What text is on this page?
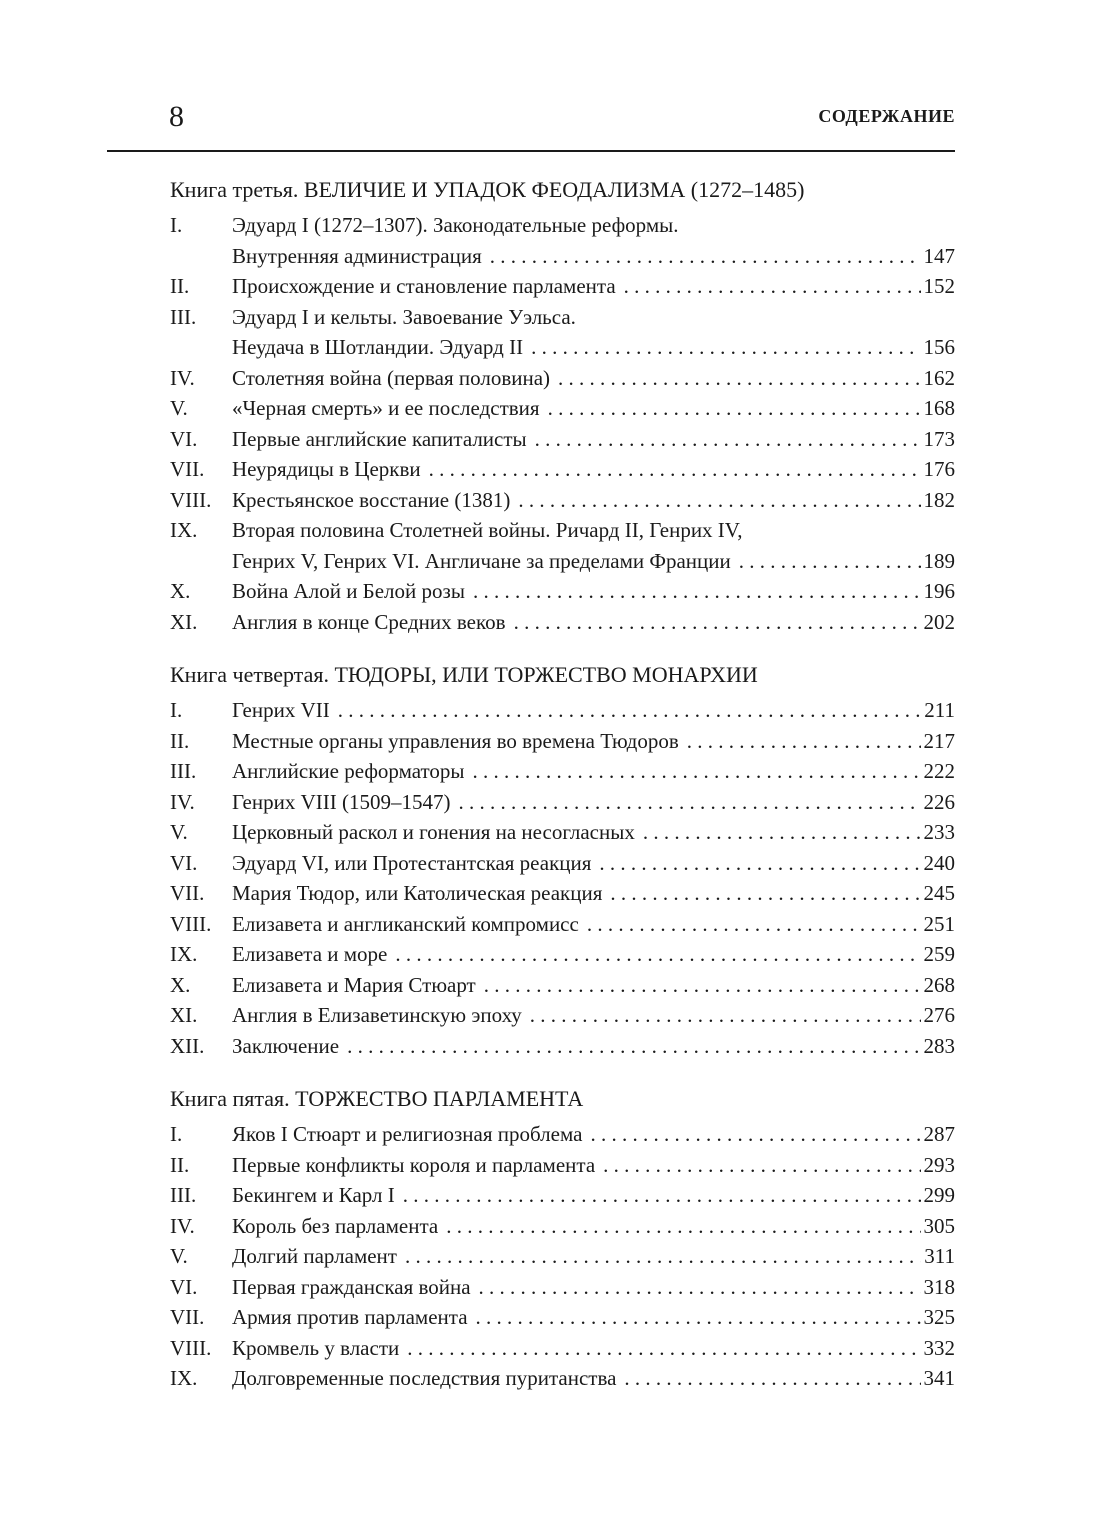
8	СОДЕРЖАНИЕ
Книга третья. ВЕЛИЧИЕ И УПАДОК ФЕОДАЛИЗМА (1272–1485)
I.	Эдуард I (1272–1307). Законодательные реформы.
Внутренняя администрация . . .	147
II.	Происхождение и становление парламента . . .	152
III.	Эдуард I и кельты. Завоевание Уэльса.
Неудача в Шотландии. Эдуард II . . .	156
IV.	Столетняя война (первая половина) . . .	162
V.	«Черная смерть» и ее последствия . . .	168
VI.	Первые английские капиталисты . . .	173
VII.	Неурядицы в Церкви . . .	176
VIII. Крестьянское восстание (1381) . . .	182
IX.	Вторая половина Столетней войны. Ричард II, Генрих IV,
Генрих V, Генрих VI. Англичане за пределами Франции . . .	189
X.	Война Алой и Белой розы . . .	196
XI.	Англия в конце Средних веков . . .	202
Книга четвертая. ТЮДОРЫ, ИЛИ ТОРЖЕСТВО МОНАРХИИ
I.	Генрих VII . . .	211
II.	Местные органы управления во времена Тюдоров . . .	217
III.	Английские реформаторы . . .	222
IV.	Генрих VIII (1509–1547) . . .	226
V.	Церковный раскол и гонения на несогласных . . .	233
VI.	Эдуард VI, или Протестантская реакция . . .	240
VII.	Мария Тюдор, или Католическая реакция . . .	245
VIII. Елизавета и англиканский компромисс . . .	251
IX.	Елизавета и море . . .	259
X.	Елизавета и Мария Стюарт . . .	268
XI.	Англия в Елизаветинскую эпоху . . .	276
XII.	Заключение . . .	283
Книга пятая. ТОРЖЕСТВО ПАРЛАМЕНТА
I.	Яков I Стюарт и религиозная проблема . . .	287
II.	Первые конфликты короля и парламента . . .	293
III.	Бекингем и Карл I . . .	299
IV.	Король без парламента . . .	305
V.	Долгий парламент . . .	311
VI.	Первая гражданская война . . .	318
VII.	Армия против парламента . . .	325
VIII. Кромвель у власти . . .	332
IX.	Долговременные последствия пуританства . . .	341
